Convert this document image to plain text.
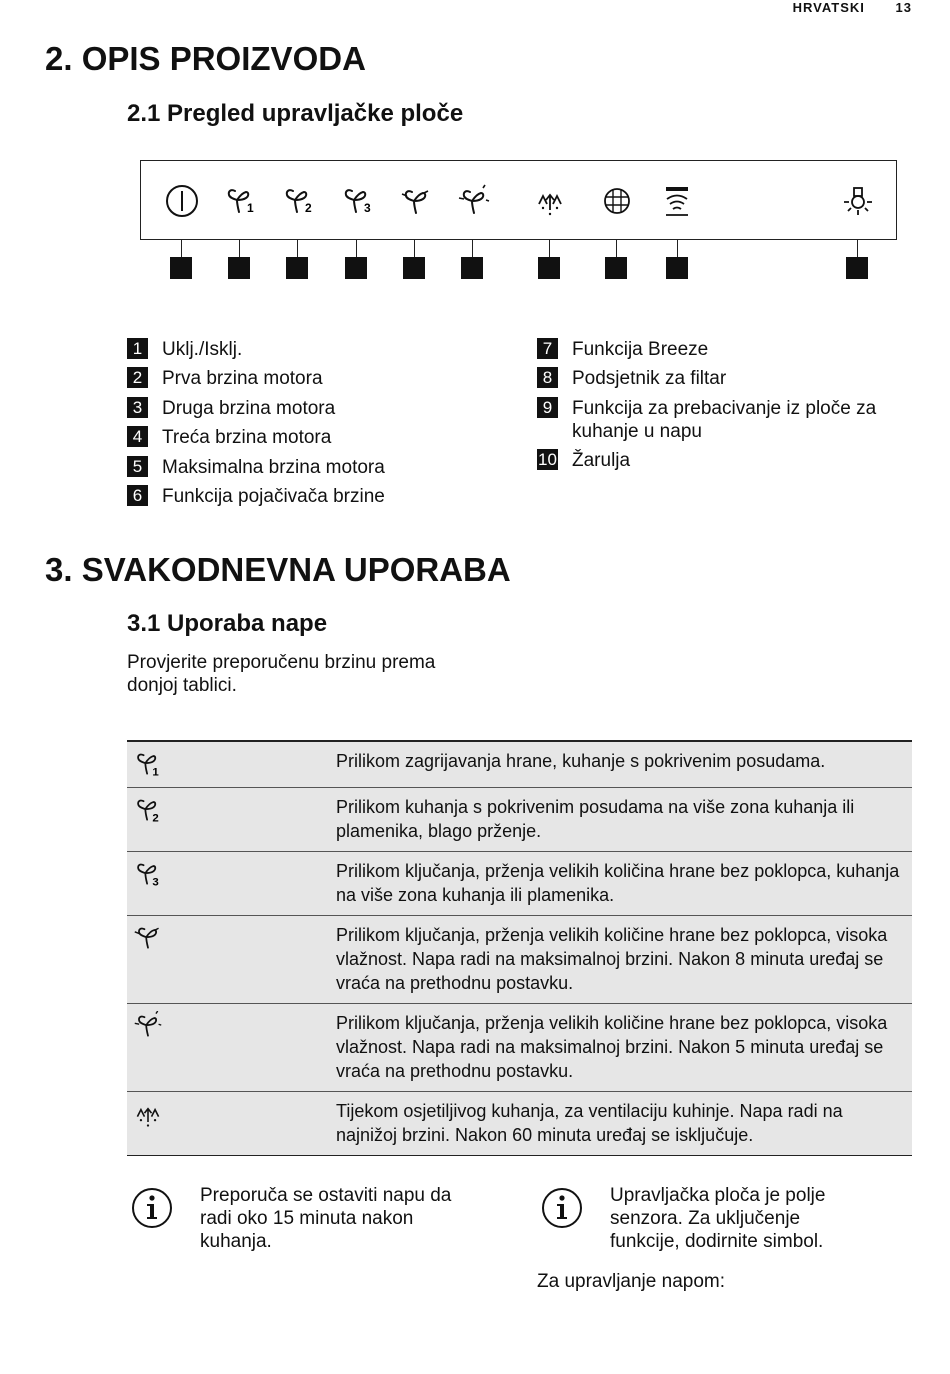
HRVATSKI 13
2. OPIS PROIZVODA
2.1 Pregled upravljačke ploče
1	2	3
1	Uklj./Isklj.
2	Prva brzina motora
3	Druga brzina motora
4	Treća brzina motora
5	Maksimalna brzina motora
6	Funkcija pojačivača brzine
7	Funkcija Breeze
8	Podsjetnik za filtar
9	Funkcija za prebacivanje iz ploče za kuhanje u napu
10 Žarulja
3. SVAKODNEVNA UPORABA
3.1 Uporaba nape
Provjerite preporučenu brzinu prema donjoj tablici.
1	Prilikom zagrijavanja hrane, kuhanje s pokrivenim posudama.

2	Prilikom kuhanja s pokrivenim posudama na više zona kuhanja ili plamenika, blago prženje.

3	Prilikom ključanja, prženja velikih količina hrane bez poklopca, kuhanja na više zona kuhanja ili plamenika.

	Prilikom ključanja, prženja velikih količine hrane bez poklopca, visoka vlažnost. Napa radi na maksimalnoj brzini. Nakon 8 minuta uređaj se vraća na prethodnu postavku.

	Prilikom ključanja, prženja velikih količine hrane bez poklopca, visoka vlažnost. Napa radi na maksimalnoj brzini. Nakon 5 minuta uređaj se vraća na prethodnu postavku.

	Tijekom osjetiljivog kuhanja, za ventilaciju kuhinje. Napa radi na najnižoj brzini. Nakon 60 minuta uređaj se isključuje.
Preporuča se ostaviti napu da radi oko 15 minuta nakon kuhanja.
Upravljačka ploča je polje senzora. Za uključenje funkcije, dodirnite simbol.
Za upravljanje napom:
